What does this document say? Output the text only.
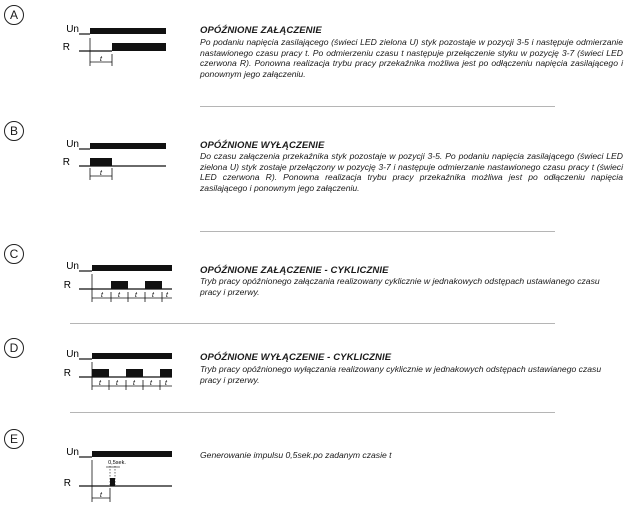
A
Un
R
t
OPÓŹNIONE ZAŁĄCZENIE
Po podaniu napięcia zasilającego (świeci LED zielona U) styk pozostaje w pozycji 3-5 i następuje odmierzanie nastawionego czasu pracy t. Po odmierzeniu czasu t następuje przełączenie styku w pozycję 3-7 (świeci LED czerwona R). Ponowna realizacja trybu pracy przekaźnika możliwa jest po odłączeniu napięcia zasilającego i ponownym jego załączeniu.
B
Un
R
t
OPÓŹNIONE WYŁĄCZENIE
Do czasu załączenia przekaźnika styk pozostaje w pozycji 3-5. Po podaniu napięcia zasilającego (świeci LED zielona U) styk zostaje przełączony w pozycję 3-7 i następuje odmierzanie nastawionego czasu pracy t (świeci LED czerwona R). Ponowna realizacja trybu pracy przekaźnika możliwa jest po odłączeniu napięcia zasilającego i ponownym jego załączeniu.
C
Un
R
t t t t t
OPÓŹNIONE ZAŁĄCZENIE - CYKLICZNIE
Tryb pracy opóźnionego załączania realizowany cyklicznie w jednakowych odstępach ustawianego czasu pracy i przerwy.
D	Un
R
t t t t t
OPÓŹNIONE WYŁĄCZENIE - CYKLICZNIE
Tryb pracy opóźnionego wyłączania realizowany cyklicznie w jednakowych odstępach ustawianego czasu pracy i przerwy.
E
Un
0,5sek.
R
t
Generowanie impulsu 0,5sek.po zadanym czasie t
